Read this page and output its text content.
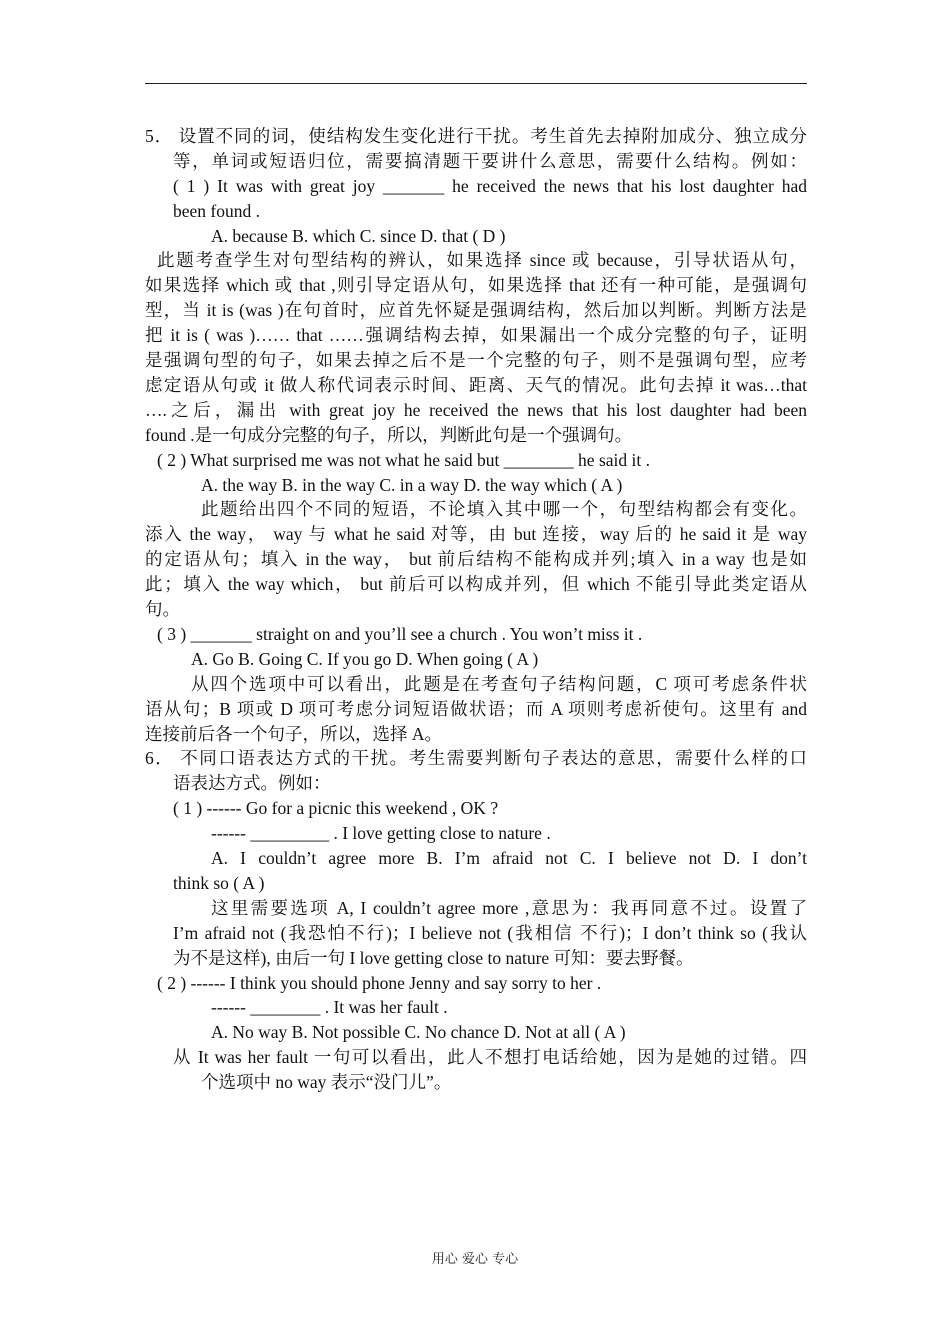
5． 设置不同的词，使结构发生变化进行干扰。考生首先去掉附加成分、独立成分
等，单词或短语归位，需要搞清题干要讲什么意思，需要什么结构。例如：
( 1 ) It was with great joy _______ he received the news that his lost daughter had
been found .
A. because B. which C. since D. that ( D )
此题考查学生对句型结构的辨认，如果选择 since 或 because，引导状语从句，
如果选择 which 或 that ,则引导定语从句，如果选择 that 还有一种可能，是强调句
型，当 it is (was )在句首时，应首先怀疑是强调结构，然后加以判断。判断方法是
把 it is ( was )…… that ……强调结构去掉，如果漏出一个成分完整的句子，证明
是强调句型的句子，如果去掉之后不是一个完整的句子，则不是强调句型，应考
虑定语从句或 it 做人称代词表示时间、距离、天气的情况。此句去掉 it was…that
….之后，漏出 with great joy he received the news that his lost daughter had been
found .是一句成分完整的句子，所以，判断此句是一个强调句。
( 2 ) What surprised me was not what he said but ________ he said it .
A. the way B. in the way C. in a way D. the way which ( A )
此题给出四个不同的短语，不论填入其中哪一个，句型结构都会有变化。
添入 the way， way 与 what he said 对等，由 but 连接，way 后的 he said it 是 way
的定语从句；填入 in the way， but 前后结构不能构成并列;填入 in a way 也是如
此；填入 the way which， but 前后可以构成并列，但 which 不能引导此类定语从
句。
( 3 ) _______ straight on and you’ll see a church . You won’t miss it .
A. Go B. Going C. If you go D. When going ( A )
从四个选项中可以看出，此题是在考查句子结构问题，C 项可考虑条件状
语从句；B 项或 D 项可考虑分词短语做状语；而 A 项则考虑祈使句。这里有 and
连接前后各一个句子，所以，选择 A。
6． 不同口语表达方式的干扰。考生需要判断句子表达的意思，需要什么样的口
语表达方式。例如：
( 1 ) ------ Go for a picnic this weekend , OK ?
------ _________ . I love getting close to nature .
A. I couldn’t agree more B. I’m afraid not C. I believe not D. I don’t
think so ( A )
这里需要选项 A, I couldn’t agree more ,意思为：我再同意不过。设置了
I’m afraid not (我恐怕不行)；I believe not (我相信 不行)；I don’t think so (我认
为不是这样), 由后一句 I love getting close to nature 可知：要去野餐。
( 2 ) ------ I think you should phone Jenny and say sorry to her .
------ ________ . It was her fault .
A. No way B. Not possible C. No chance D. Not at all ( A )
从 It was her fault 一句可以看出，此人不想打电话给她，因为是她的过错。四
个选项中 no way 表示“没门儿”。
用心 爱心 专心
